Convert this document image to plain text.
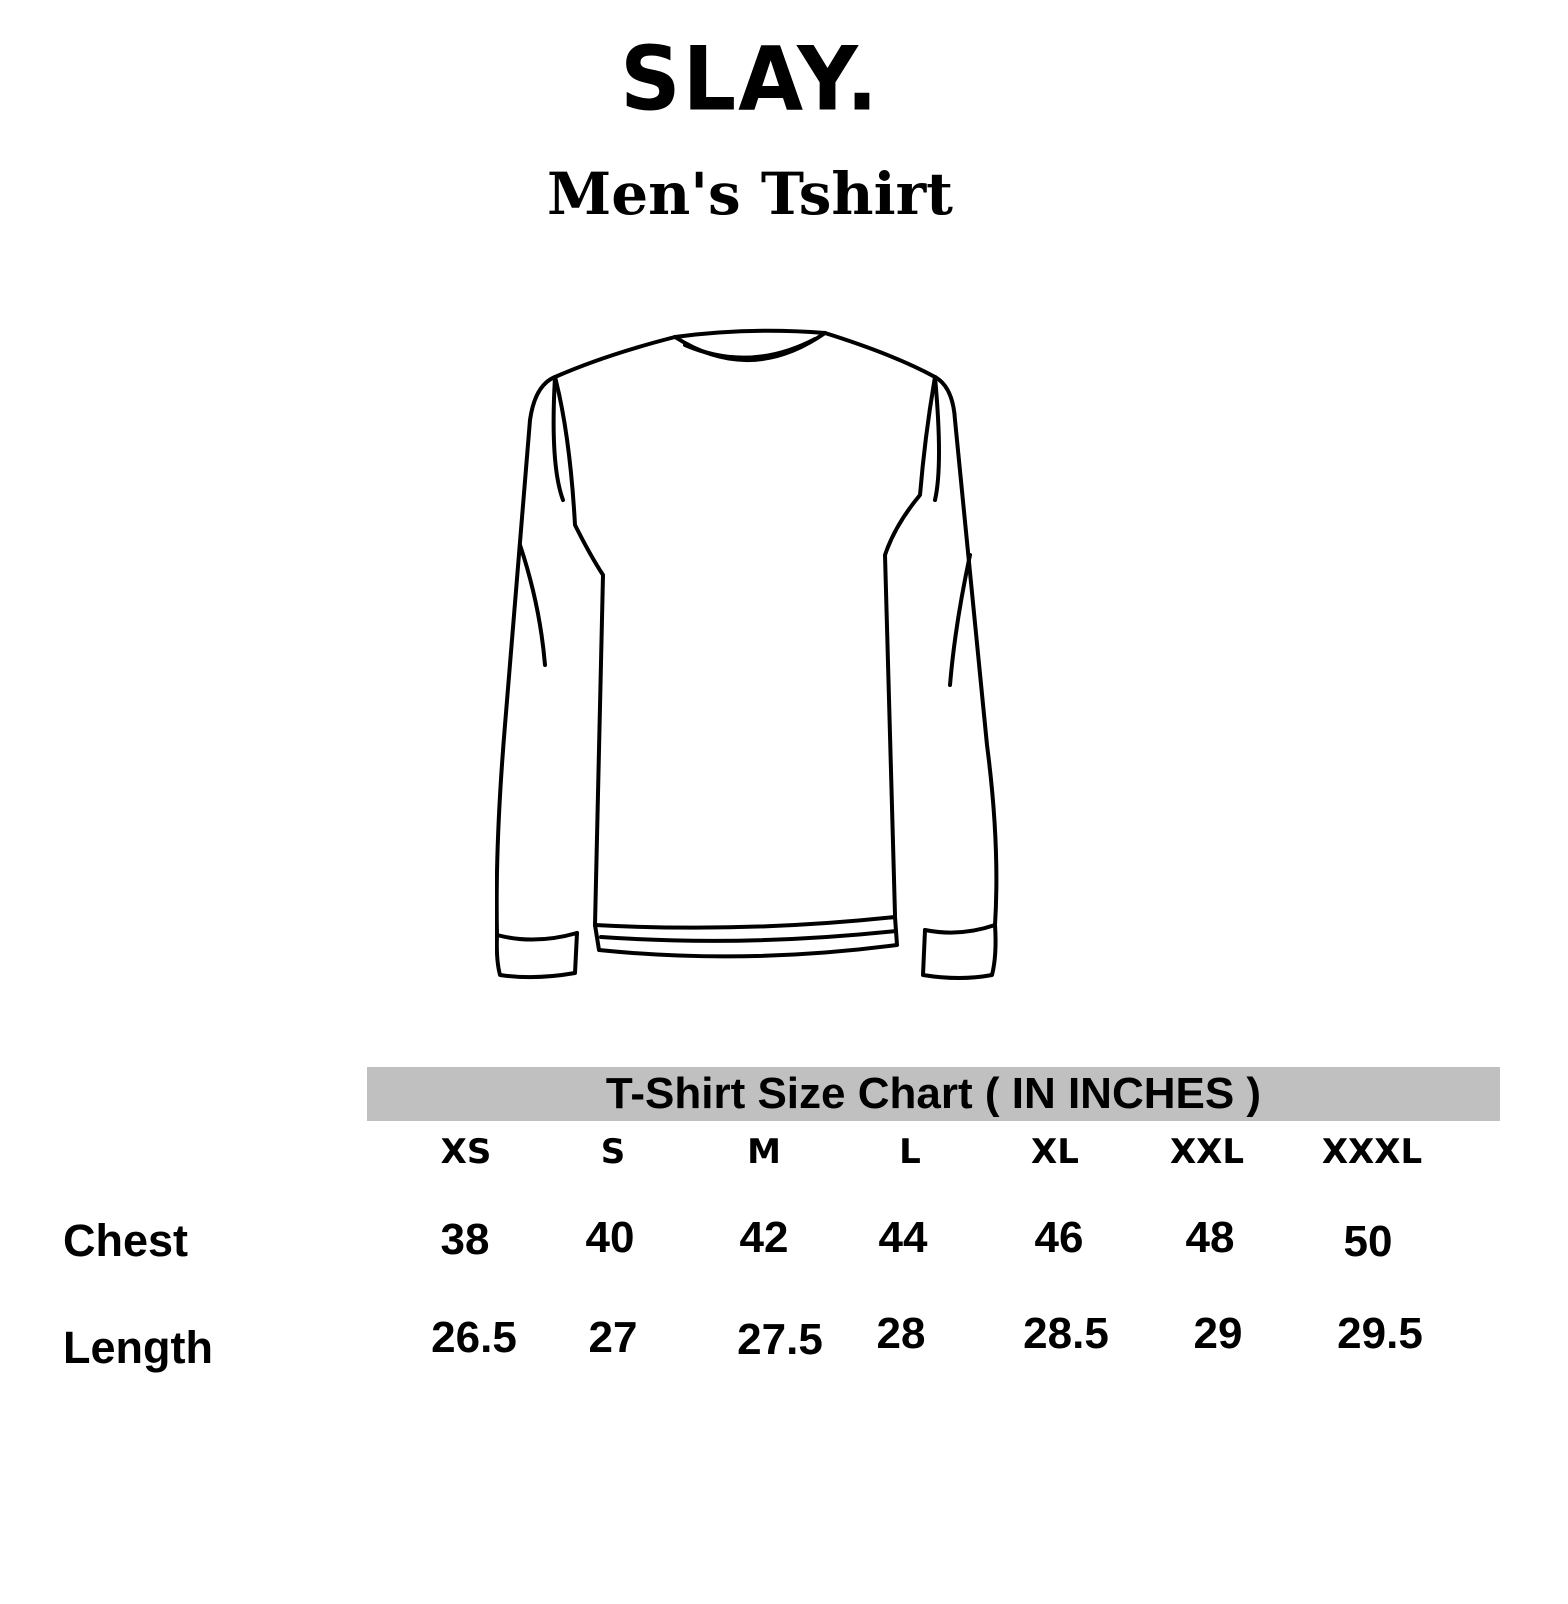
SLAY.
Men's Tshirt
T-Shirt Size Chart ( IN INCHES )
XS	S	M	L	XL	XXL	XXXL
Chest	38	40	42	44	46	48	50
Length	26.5	27	27.5	28	28.5	29	29.5
